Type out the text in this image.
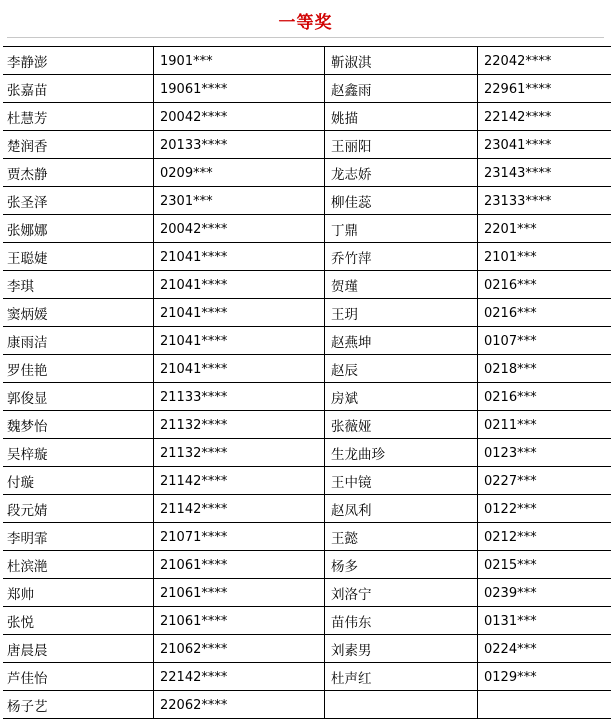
一等奖
李静澎	1901***	靳淑淇	22042****
张嘉苗	19061****	赵鑫雨	22961****
杜慧芳	20042****	姚描	22142****
楚润香	20133****	王丽阳	23041****
贾杰静	0209***	龙志娇	23143****
张圣泽	2301***	柳佳蕊	23133****
张娜娜	20042****	丁鼎	2201***
王聪婕	21041****	乔竹萍	2101***
李琪	21041****	贺瑾	0216***
窦炳媛	21041****	王玥	0216***
康雨洁	21041****	赵燕坤	0107***
罗佳艳	21041****	赵辰	0218***
郭俊显	21133****	房斌	0216***
魏梦怡	21132****	张薇娅	0211***
吴梓璇	21132****	生龙曲珍	0123***
付璇	21142****	王中镜	0227***
段元婧	21142****	赵凤利	0122***
李明霏	21071****	王懿	0212***
杜滨滟	21061****	杨多	0215***
郑帅	21061****	刘洛宁	0239***
张悦	21061****	苗伟东	0131***
唐晨晨	21062****	刘素男	0224***
芦佳怡	22142****	杜声红	0129***
杨子艺	22062****		
